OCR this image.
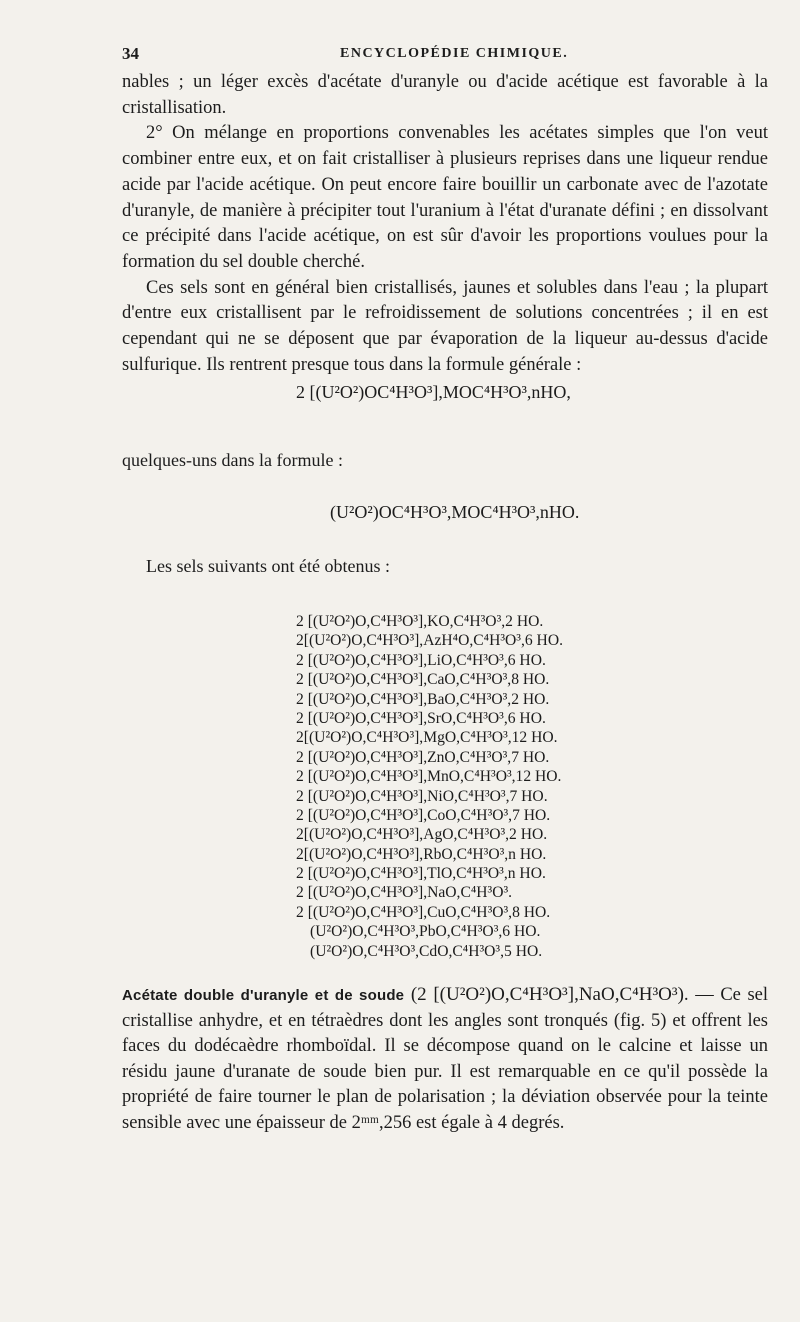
34	ENCYCLOPÉDIE CHIMIQUE.

nables ; un léger excès d'acétate d'uranyle ou d'acide acétique est favorable à la cristallisation.

2° On mélange en proportions convenables les acétates simples que l'on veut combiner entre eux, et on fait cristalliser à plusieurs reprises dans une liqueur rendue acide par l'acide acétique. On peut encore faire bouillir un carbonate avec de l'azotate d'uranyle, de manière à précipiter tout l'uranium à l'état d'uranate défini ; en dissolvant ce précipité dans l'acide acétique, on est sûr d'avoir les proportions voulues pour la formation du sel double cherché.

Ces sels sont en général bien cristallisés, jaunes et solubles dans l'eau ; la plupart d'entre eux cristallisent par le refroidissement de solutions concentrées ; il en est cependant qui ne se déposent que par évaporation de la liqueur au-dessus d'acide sulfurique. Ils rentrent presque tous dans la formule générale :

2 [(U²O²)OC⁴H³O³],MOC⁴H³O³,nHO,
quelques-uns dans la formule :
(U²O²)OC⁴H³O³,MOC⁴H³O³,nHO.
Les sels suivants ont été obtenus :
2 [(U²O²)O,C⁴H³O³],KO,C⁴H³O³,2 HO.
2[(U²O²)O,C⁴H³O³],AzH⁴O,C⁴H³O³,6 HO.
2 [(U²O²)O,C⁴H³O³],LiO,C⁴H³O³,6 HO.
2 [(U²O²)O,C⁴H³O³],CaO,C⁴H³O³,8 HO.
2 [(U²O²)O,C⁴H³O³],BaO,C⁴H³O³,2 HO.
2 [(U²O²)O,C⁴H³O³],SrO,C⁴H³O³,6 HO.
2[(U²O²)O,C⁴H³O³],MgO,C⁴H³O³,12 HO.
2 [(U²O²)O,C⁴H³O³],ZnO,C⁴H³O³,7 HO.
2 [(U²O²)O,C⁴H³O³],MnO,C⁴H³O³,12 HO.
2 [(U²O²)O,C⁴H³O³],NiO,C⁴H³O³,7 HO.
2 [(U²O²)O,C⁴H³O³],CoO,C⁴H³O³,7 HO.
2[(U²O²)O,C⁴H³O³],AgO,C⁴H³O³,2 HO.
2[(U²O²)O,C⁴H³O³],RbO,C⁴H³O³,n HO.
2 [(U²O²)O,C⁴H³O³],TlO,C⁴H³O³,n HO.
2 [(U²O²)O,C⁴H³O³],NaO,C⁴H³O³.
2 [(U²O²)O,C⁴H³O³],CuO,C⁴H³O³,8 HO.
(U²O²)O,C⁴H³O³,PbO,C⁴H³O³,6 HO.
(U²O²)O,C⁴H³O³,CdO,C⁴H³O³,5 HO.

Acétate double d'uranyle et de soude (2 [(U²O²)O,C⁴H³O³],NaO,C⁴H³O³). — Ce sel cristallise anhydre, et en tétraèdres dont les angles sont tronqués (fig. 5) et offrent les faces du dodécaèdre rhomboïdal. Il se décompose quand on le calcine et laisse un résidu jaune d'uranate de soude bien pur. Il est remarquable en ce qu'il possède la propriété de faire tourner le plan de polarisation ; la déviation observée pour la teinte sensible avec une épaisseur de 2ᵐᵐ,256 est égale à 4 degrés.
